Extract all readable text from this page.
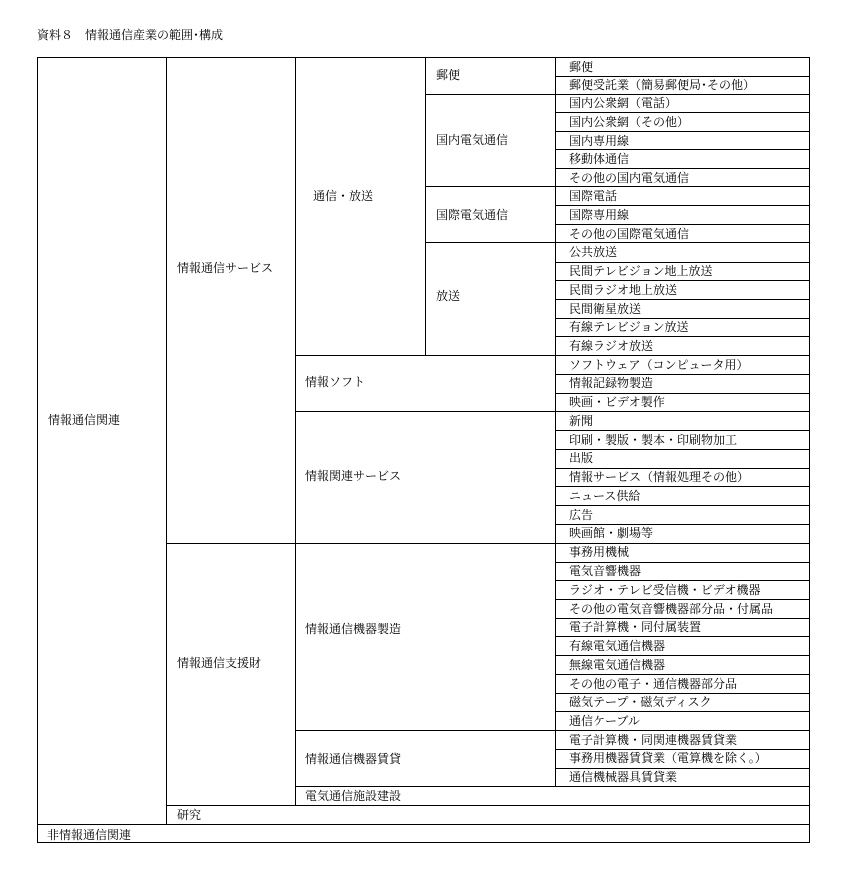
資料８　情報通信産業の範囲･構成
情報通信関連
非情報通信関連
情報通信サービス
情報通信支援財
研究
通信・放送
情報ソフト
情報関連サービス
情報通信機器製造
情報通信機器賃貸
電気通信施設建設
郵便
国内電気通信
国際電気通信
放送
郵便
郵便受託業（簡易郵便局･その他）
国内公衆網（電話）
国内公衆網（その他）
国内専用線
移動体通信
その他の国内電気通信
国際電話
国際専用線
その他の国際電気通信
公共放送
民間テレビジョン地上放送
民間ラジオ地上放送
民間衛星放送
有線テレビジョン放送
有線ラジオ放送
ソフトウェア（コンピュータ用）
情報記録物製造
映画・ビデオ製作
新聞
印刷・製版・製本・印刷物加工
出版
情報サービス（情報処理その他）
ニュース供給
広告
映画館・劇場等
事務用機械
電気音響機器
ラジオ・テレビ受信機・ビデオ機器
その他の電気音響機器部分品・付属品
電子計算機・同付属装置
有線電気通信機器
無線電気通信機器
その他の電子・通信機器部分品
磁気テープ・磁気ディスク
通信ケーブル
電子計算機・同関連機器賃貸業
事務用機器賃貸業（電算機を除く。）
通信機械器具賃貸業
